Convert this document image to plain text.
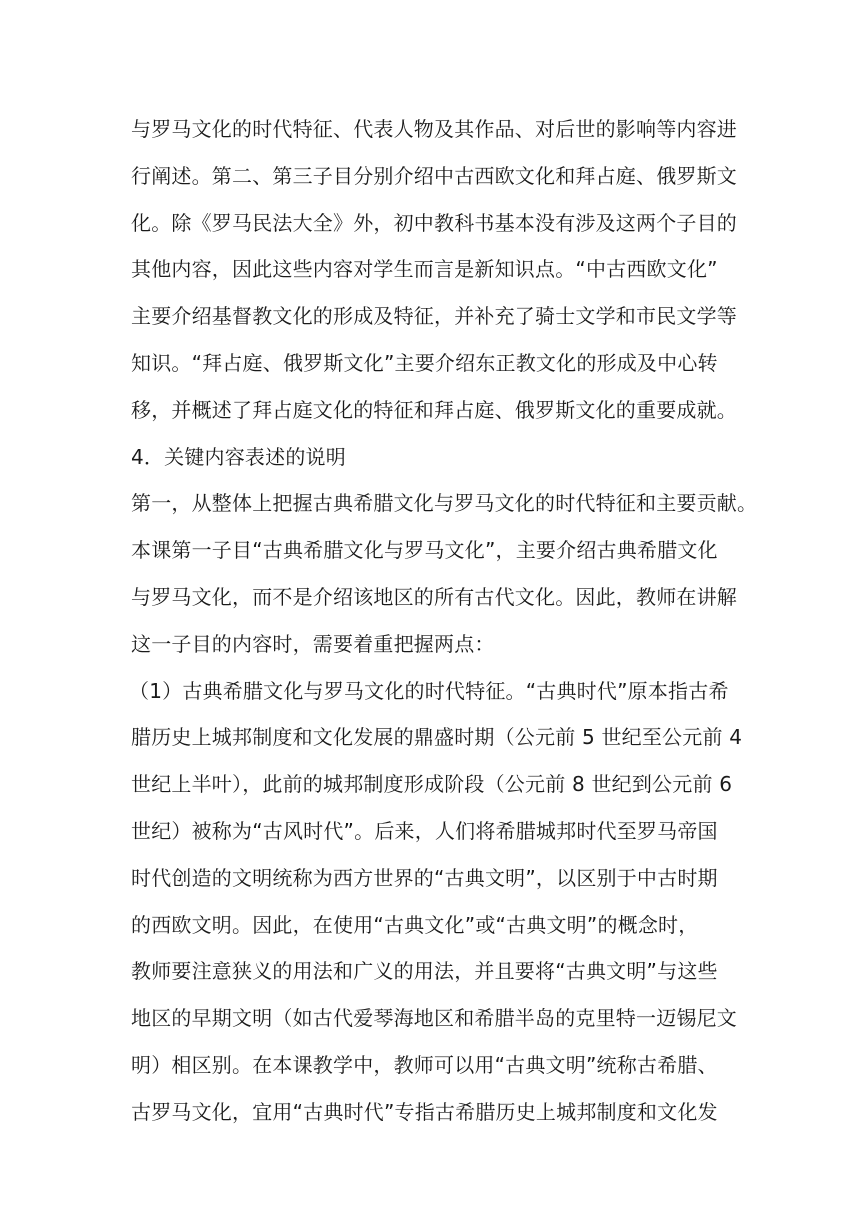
与罗马文化的时代特征、代表人物及其作品、对后世的影响等内容进
行阐述。第二、第三子目分别介绍中古西欧文化和拜占庭、俄罗斯文
化。除《罗马民法大全》外，初中教科书基本没有涉及这两个子目的
其他内容，因此这些内容对学生而言是新知识点。“中古西欧文化”
主要介绍基督教文化的形成及特征，并补充了骑士文学和市民文学等
知识。“拜占庭、俄罗斯文化”主要介绍东正教文化的形成及中心转
移，并概述了拜占庭文化的特征和拜占庭、俄罗斯文化的重要成就。
4．关键内容表述的说明
第一，从整体上把握古典希腊文化与罗马文化的时代特征和主要贡献。
本课第一子目“古典希腊文化与罗马文化”，主要介绍古典希腊文化
与罗马文化，而不是介绍该地区的所有古代文化。因此，教师在讲解
这一子目的内容时，需要着重把握两点：
（1）古典希腊文化与罗马文化的时代特征。“古典时代”原本指古希
腊历史上城邦制度和文化发展的鼎盛时期（公元前 5 世纪至公元前 4
世纪上半叶），此前的城邦制度形成阶段（公元前 8 世纪到公元前 6
世纪）被称为“古风时代”。后来，人们将希腊城邦时代至罗马帝国
时代创造的文明统称为西方世界的“古典文明”，以区别于中古时期
的西欧文明。因此，在使用“古典文化”或“古典文明”的概念时，
教师要注意狭义的用法和广义的用法，并且要将“古典文明”与这些
地区的早期文明（如古代爱琴海地区和希腊半岛的克里特一迈锡尼文
明）相区别。在本课教学中，教师可以用“古典文明”统称古希腊、
古罗马文化，宜用“古典时代”专指古希腊历史上城邦制度和文化发
